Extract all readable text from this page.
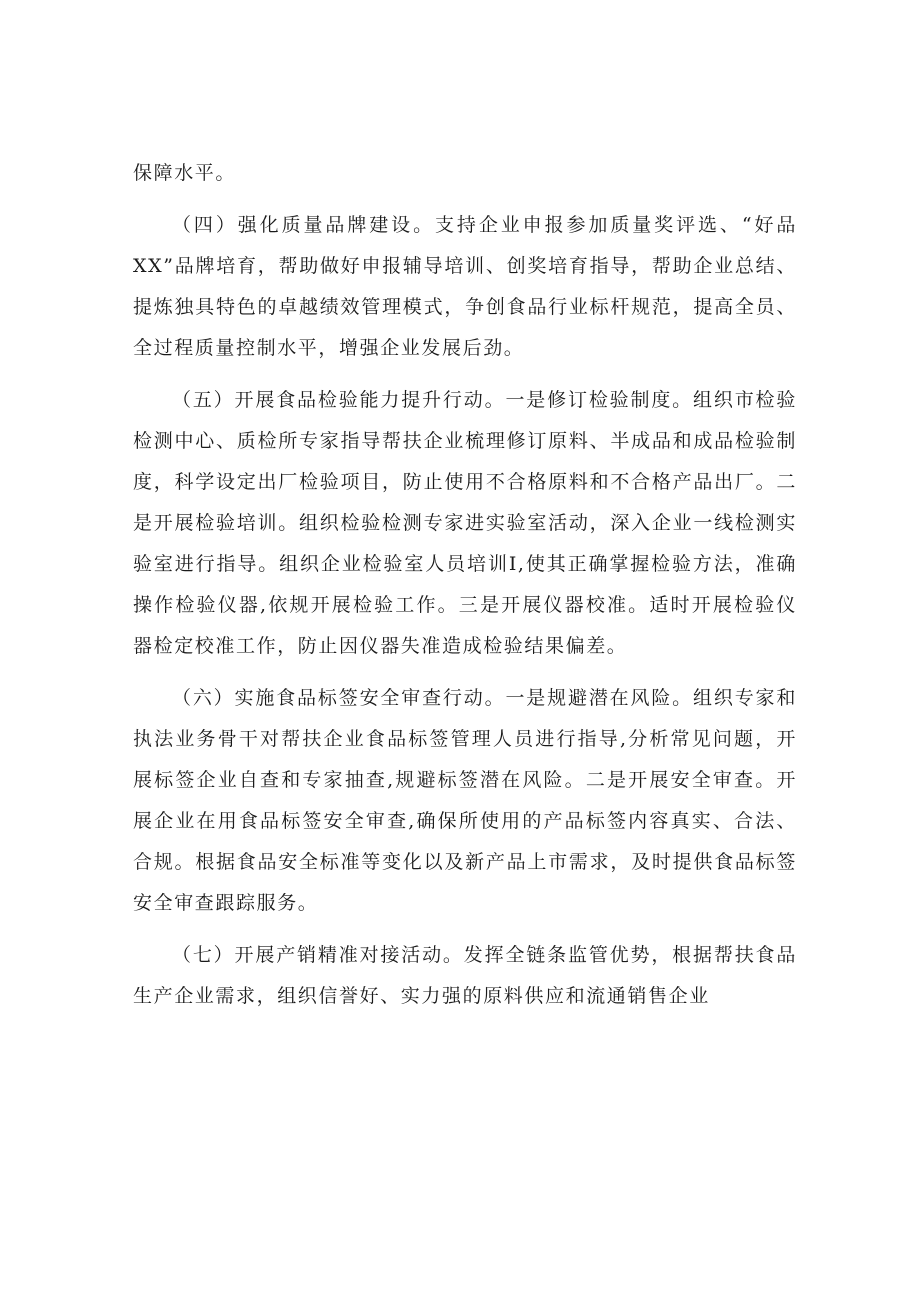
保障水平。

（四）强化质量品牌建设。支持企业申报参加质量奖评选、“好品XX”品牌培育，帮助做好申报辅导培训、创奖培育指导，帮助企业总结、提炼独具特色的卓越绩效管理模式，争创食品行业标杆规范，提高全员、全过程质量控制水平，增强企业发展后劲。

（五）开展食品检验能力提升行动。一是修订检验制度。组织市检验检测中心、质检所专家指导帮扶企业梳理修订原料、半成品和成品检验制度，科学设定出厂检验项目，防止使用不合格原料和不合格产品出厂。二是开展检验培训。组织检验检测专家进实验室活动，深入企业一线检测实验室进行指导。组织企业检验室人员培训I,使其正确掌握检验方法，准确操作检验仪器,依规开展检验工作。三是开展仪器校准。适时开展检验仪器检定校准工作，防止因仪器失准造成检验结果偏差。

（六）实施食品标签安全审查行动。一是规避潜在风险。组织专家和执法业务骨干对帮扶企业食品标签管理人员进行指导,分析常见问题，开展标签企业自查和专家抽查,规避标签潜在风险。二是开展安全审查。开展企业在用食品标签安全审查,确保所使用的产品标签内容真实、合法、合规。根据食品安全标准等变化以及新产品上市需求，及时提供食品标签安全审查跟踪服务。

（七）开展产销精准对接活动。发挥全链条监管优势，根据帮扶食品生产企业需求，组织信誉好、实力强的原料供应和流通销售企业
